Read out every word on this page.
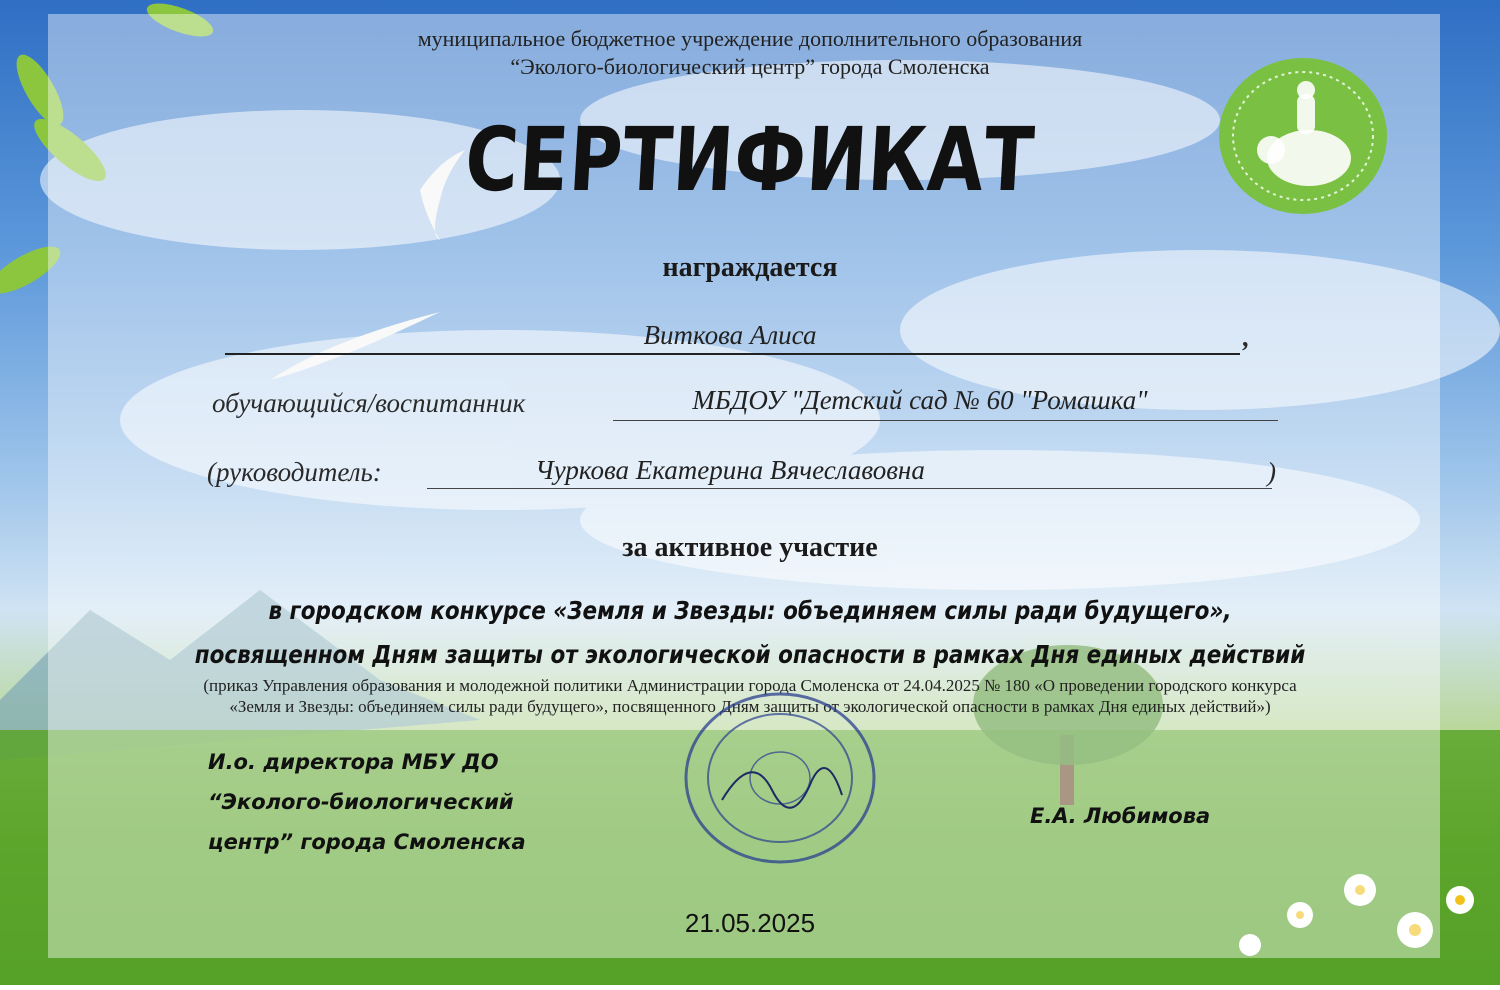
муниципальное бюджетное учреждение дополнительного образования
“Эколого-биологический центр” города Смоленска
СЕРТИФИКАТ
награждается
Виткова Алиса	,
обучающийся/воспитанник	МБДОУ "Детский сад № 60 "Ромашка"
(руководитель:	Чуркова Екатерина Вячеславовна	)
за активное участие
в городском конкурсе «Земля и Звезды: объединяем силы ради будущего»,
посвященном Дням защиты от экологической опасности в рамках Дня единых действий
(приказ Управления образования и молодежной политики Администрации города Смоленска от 24.04.2025 № 180 «О проведении городского конкурса
«Земля и Звезды: объединяем силы ради будущего», посвященного Дням защиты от экологической опасности в рамках Дня единых действий»)
И.о. директора МБУ ДО
“Эколого-биологический
центр” города Смоленска
Е.А. Любимова
21.05.2025
